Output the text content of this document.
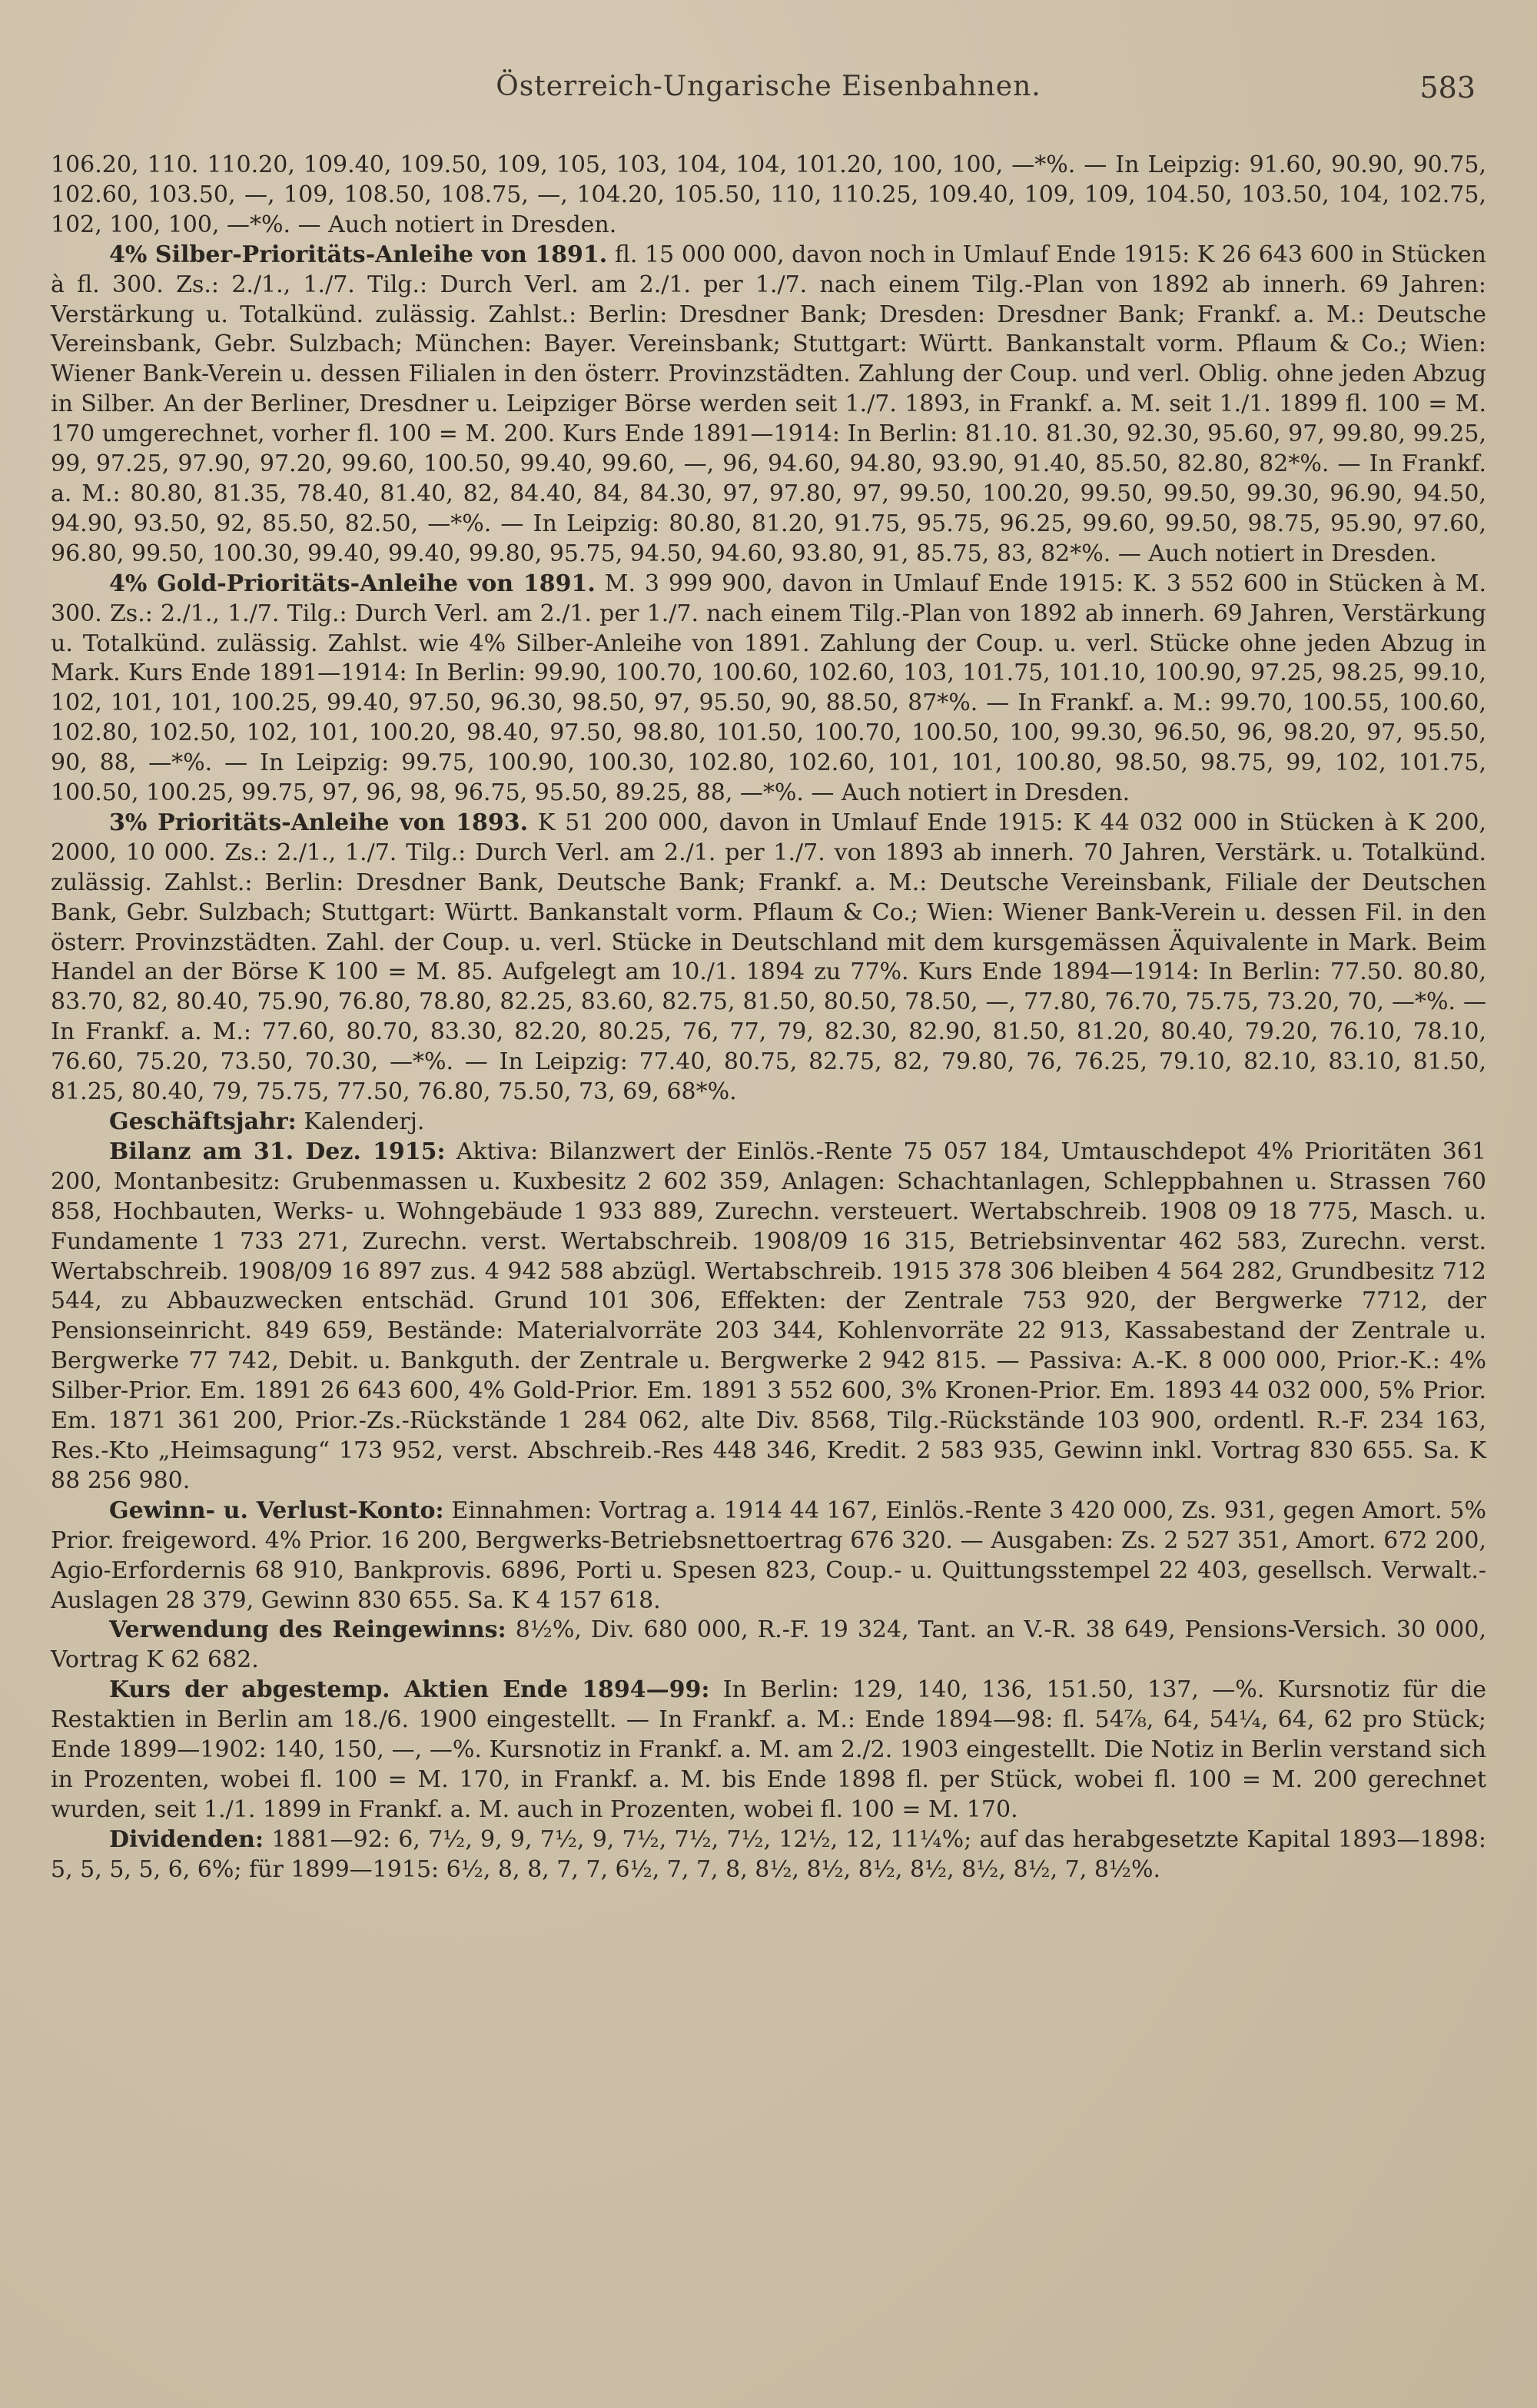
Österreich-Ungarische Eisenbahnen.	583

106.20, 110. 110.20, 109.40, 109.50, 109, 105, 103, 104, 104, 101.20, 100, 100, —*%. — In Leipzig: 91.60, 90.90, 90.75, 102.60, 103.50, —, 109, 108.50, 108.75, —, 104.20, 105.50, 110, 110.25, 109.40, 109, 109, 104.50, 103.50, 104, 102.75, 102, 100, 100, —*%. — Auch notiert in Dresden.

4% Silber-Prioritäts-Anleihe von 1891. fl. 15 000 000, davon noch in Umlauf Ende 1915: K 26 643 600 in Stücken à fl. 300. Zs.: 2./1., 1./7. Tilg.: Durch Verl. am 2./1. per 1./7. nach einem Tilg.-Plan von 1892 ab innerh. 69 Jahren: Verstärkung u. Totalkünd. zulässig. Zahlst.: Berlin: Dresdner Bank; Dresden: Dresdner Bank; Frankf. a. M.: Deutsche Vereinsbank, Gebr. Sulzbach; München: Bayer. Vereinsbank; Stuttgart: Württ. Bankanstalt vorm. Pflaum & Co.; Wien: Wiener Bank-Verein u. dessen Filialen in den österr. Provinzstädten. Zahlung der Coup. und verl. Oblig. ohne jeden Abzug in Silber. An der Berliner, Dresdner u. Leipziger Börse werden seit 1./7. 1893, in Frankf. a. M. seit 1./1. 1899 fl. 100 = M. 170 umgerechnet, vorher fl. 100 = M. 200. Kurs Ende 1891—1914: In Berlin: 81.10. 81.30, 92.30, 95.60, 97, 99.80, 99.25, 99, 97.25, 97.90, 97.20, 99.60, 100.50, 99.40, 99.60, —, 96, 94.60, 94.80, 93.90, 91.40, 85.50, 82.80, 82*%. — In Frankf. a. M.: 80.80, 81.35, 78.40, 81.40, 82, 84.40, 84, 84.30, 97, 97.80, 97, 99.50, 100.20, 99.50, 99.50, 99.30, 96.90, 94.50, 94.90, 93.50, 92, 85.50, 82.50, —*%. — In Leipzig: 80.80, 81.20, 91.75, 95.75, 96.25, 99.60, 99.50, 98.75, 95.90, 97.60, 96.80, 99.50, 100.30, 99.40, 99.40, 99.80, 95.75, 94.50, 94.60, 93.80, 91, 85.75, 83, 82*%. — Auch notiert in Dresden.

4% Gold-Prioritäts-Anleihe von 1891. M. 3 999 900, davon in Umlauf Ende 1915: K. 3 552 600 in Stücken à M. 300. Zs.: 2./1., 1./7. Tilg.: Durch Verl. am 2./1. per 1./7. nach einem Tilg.-Plan von 1892 ab innerh. 69 Jahren, Verstärkung u. Totalkünd. zulässig. Zahlst. wie 4% Silber-Anleihe von 1891. Zahlung der Coup. u. verl. Stücke ohne jeden Abzug in Mark. Kurs Ende 1891—1914: In Berlin: 99.90, 100.70, 100.60, 102.60, 103, 101.75, 101.10, 100.90, 97.25, 98.25, 99.10, 102, 101, 101, 100.25, 99.40, 97.50, 96.30, 98.50, 97, 95.50, 90, 88.50, 87*%. — In Frankf. a. M.: 99.70, 100.55, 100.60, 102.80, 102.50, 102, 101, 100.20, 98.40, 97.50, 98.80, 101.50, 100.70, 100.50, 100, 99.30, 96.50, 96, 98.20, 97, 95.50, 90, 88, —*%. — In Leipzig: 99.75, 100.90, 100.30, 102.80, 102.60, 101, 101, 100.80, 98.50, 98.75, 99, 102, 101.75, 100.50, 100.25, 99.75, 97, 96, 98, 96.75, 95.50, 89.25, 88, —*%. — Auch notiert in Dresden.

3% Prioritäts-Anleihe von 1893. K 51 200 000, davon in Umlauf Ende 1915: K 44 032 000 in Stücken à K 200, 2000, 10 000. Zs.: 2./1., 1./7. Tilg.: Durch Verl. am 2./1. per 1./7. von 1893 ab innerh. 70 Jahren, Verstärk. u. Totalkünd. zulässig. Zahlst.: Berlin: Dresdner Bank, Deutsche Bank; Frankf. a. M.: Deutsche Vereinsbank, Filiale der Deutschen Bank, Gebr. Sulzbach; Stuttgart: Württ. Bankanstalt vorm. Pflaum & Co.; Wien: Wiener Bank-Verein u. dessen Fil. in den österr. Provinzstädten. Zahl. der Coup. u. verl. Stücke in Deutschland mit dem kursgemässen Äquivalente in Mark. Beim Handel an der Börse K 100 = M. 85. Aufgelegt am 10./1. 1894 zu 77%. Kurs Ende 1894—1914: In Berlin: 77.50. 80.80, 83.70, 82, 80.40, 75.90, 76.80, 78.80, 82.25, 83.60, 82.75, 81.50, 80.50, 78.50, —, 77.80, 76.70, 75.75, 73.20, 70, —*%. — In Frankf. a. M.: 77.60, 80.70, 83.30, 82.20, 80.25, 76, 77, 79, 82.30, 82.90, 81.50, 81.20, 80.40, 79.20, 76.10, 78.10, 76.60, 75.20, 73.50, 70.30, —*%. — In Leipzig: 77.40, 80.75, 82.75, 82, 79.80, 76, 76.25, 79.10, 82.10, 83.10, 81.50, 81.25, 80.40, 79, 75.75, 77.50, 76.80, 75.50, 73, 69, 68*%.

Geschäftsjahr: Kalenderj.

Bilanz am 31. Dez. 1915: Aktiva: Bilanzwert der Einlös.-Rente 75 057 184, Umtauschdepot 4% Prioritäten 361 200, Montanbesitz: Grubenmassen u. Kuxbesitz 2 602 359, Anlagen: Schachtanlagen, Schleppbahnen u. Strassen 760 858, Hochbauten, Werks- u. Wohngebäude 1 933 889, Zurechn. versteuert. Wertabschreib. 1908 09 18 775, Masch. u. Fundamente 1 733 271, Zurechn. verst. Wertabschreib. 1908/09 16 315, Betriebsinventar 462 583, Zurechn. verst. Wertabschreib. 1908/09 16 897 zus. 4 942 588 abzügl. Wertabschreib. 1915 378 306 bleiben 4 564 282, Grundbesitz 712 544, zu Abbauzwecken entschäd. Grund 101 306, Effekten: der Zentrale 753 920, der Bergwerke 7712, der Pensionseinricht. 849 659, Bestände: Materialvorräte 203 344, Kohlenvorräte 22 913, Kassabestand der Zentrale u. Bergwerke 77 742, Debit. u. Bankguth. der Zentrale u. Bergwerke 2 942 815. — Passiva: A.-K. 8 000 000, Prior.-K.: 4% Silber-Prior. Em. 1891 26 643 600, 4% Gold-Prior. Em. 1891 3 552 600, 3% Kronen-Prior. Em. 1893 44 032 000, 5% Prior. Em. 1871 361 200, Prior.-Zs.-Rückstände 1 284 062, alte Div. 8568, Tilg.-Rückstände 103 900, ordentl. R.-F. 234 163, Res.-Kto „Heimsagung“ 173 952, verst. Abschreib.-Res 448 346, Kredit. 2 583 935, Gewinn inkl. Vortrag 830 655. Sa. K 88 256 980.

Gewinn- u. Verlust-Konto: Einnahmen: Vortrag a. 1914 44 167, Einlös.-Rente 3 420 000, Zs. 931, gegen Amort. 5% Prior. freigeword. 4% Prior. 16 200, Bergwerks-Betriebsnettoertrag 676 320. — Ausgaben: Zs. 2 527 351, Amort. 672 200, Agio-Erfordernis 68 910, Bankprovis. 6896, Porti u. Spesen 823, Coup.- u. Quittungsstempel 22 403, gesellsch. Verwalt.-Auslagen 28 379, Gewinn 830 655. Sa. K 4 157 618.

Verwendung des Reingewinns: 8½%, Div. 680 000, R.-F. 19 324, Tant. an V.-R. 38 649, Pensions-Versich. 30 000, Vortrag K 62 682.

Kurs der abgestemp. Aktien Ende 1894—99: In Berlin: 129, 140, 136, 151.50, 137, —%. Kursnotiz für die Restaktien in Berlin am 18./6. 1900 eingestellt. — In Frankf. a. M.: Ende 1894—98: fl. 54⅞, 64, 54¼, 64, 62 pro Stück; Ende 1899—1902: 140, 150, —, —%. Kursnotiz in Frankf. a. M. am 2./2. 1903 eingestellt. Die Notiz in Berlin verstand sich in Prozenten, wobei fl. 100 = M. 170, in Frankf. a. M. bis Ende 1898 fl. per Stück, wobei fl. 100 = M. 200 gerechnet wurden, seit 1./1. 1899 in Frankf. a. M. auch in Prozenten, wobei fl. 100 = M. 170.

Dividenden: 1881—92: 6, 7½, 9, 9, 7½, 9, 7½, 7½, 7½, 12½, 12, 11¼%; auf das herabgesetzte Kapital 1893—1898: 5, 5, 5, 5, 6, 6%; für 1899—1915: 6½, 8, 8, 7, 7, 6½, 7, 7, 8, 8½, 8½, 8½, 8½, 8½, 8½, 7, 8½%.
